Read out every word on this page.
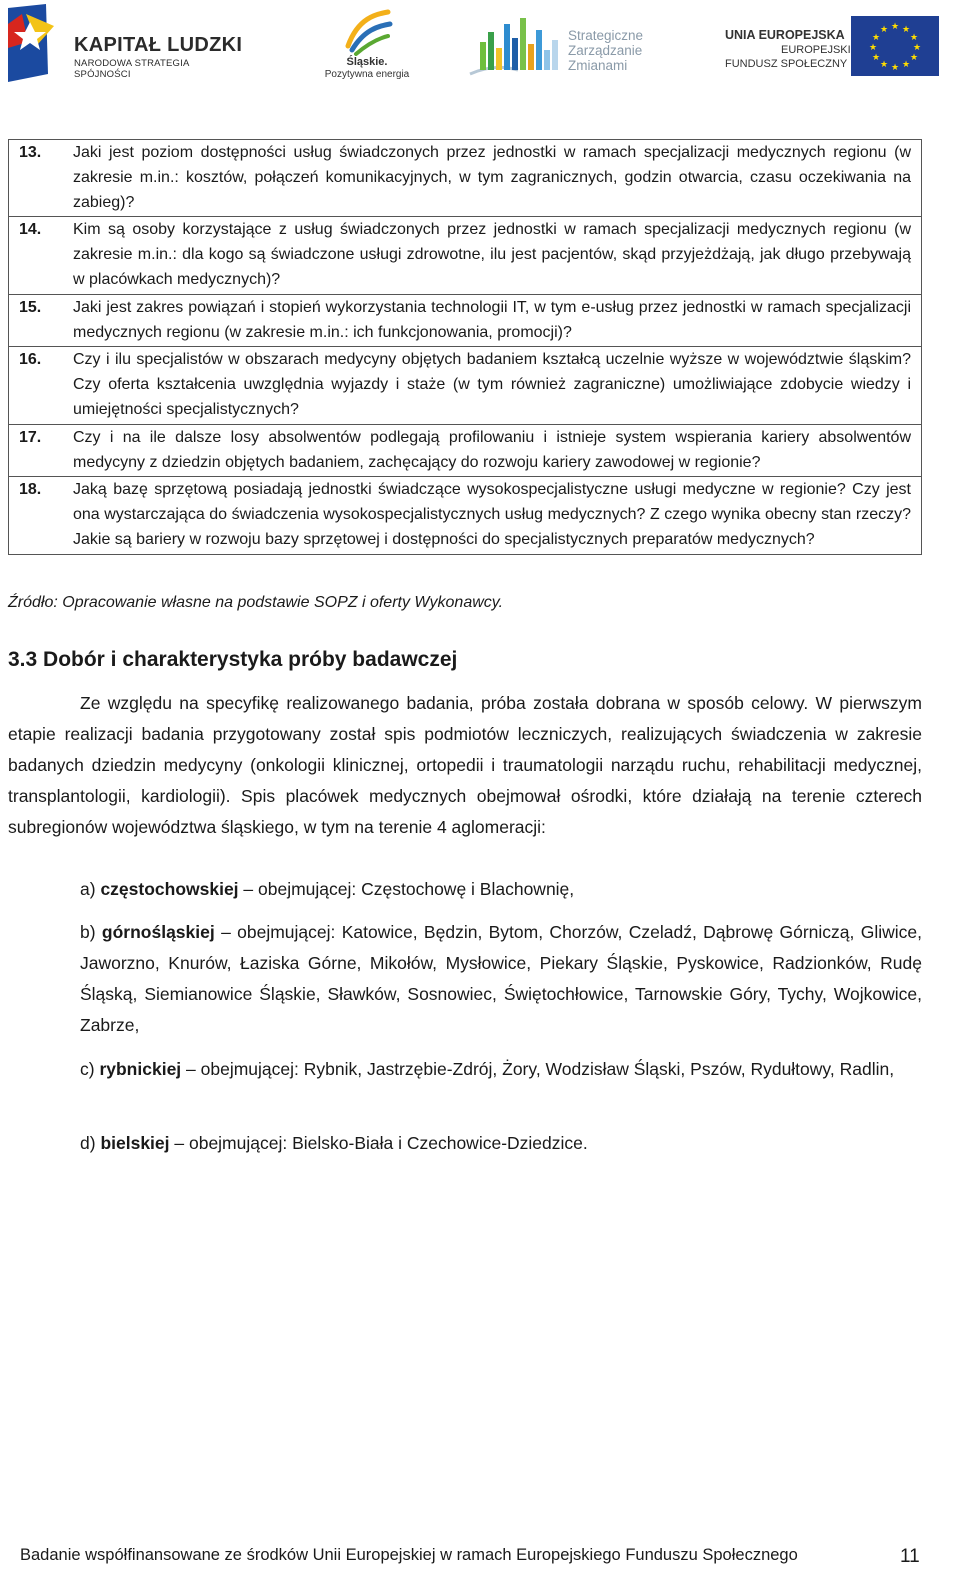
KAPITAŁ LUDZKI
NARODOWA STRATEGIA SPÓJNOŚCI
Śląskie.
Pozytywna energia
Strategiczne
Zarządzanie
Zmianami
UNIA EUROPEJSKA
EUROPEJSKI
FUNDUSZ SPOŁECZNY
★ ★
★
★
★
★
★
★
★
★
★
★
13.	Jaki jest poziom dostępności usług świadczonych przez jednostki w ramach specjalizacji medycznych regionu (w zakresie m.in.: kosztów, połączeń komunikacyjnych, w tym zagranicznych, godzin otwarcia, czasu oczekiwania na zabieg)?
14.	Kim są osoby korzystające z usług świadczonych przez jednostki w ramach specjalizacji medycznych regionu (w zakresie m.in.: dla kogo są świadczone usługi zdrowotne, ilu jest pacjentów, skąd przyjeżdżają, jak długo przebywają w placówkach medycznych)?
15.	Jaki jest zakres powiązań i stopień wykorzystania technologii IT, w tym e-usług przez jednostki w ramach specjalizacji medycznych regionu (w zakresie m.in.: ich funkcjonowania, promocji)?
16.	Czy i ilu specjalistów w obszarach medycyny objętych badaniem kształcą uczelnie wyższe w województwie śląskim? Czy oferta kształcenia uwzględnia wyjazdy i staże (w tym również zagraniczne) umożliwiające zdobycie wiedzy i umiejętności specjalistycznych?
17.	Czy i na ile dalsze losy absolwentów podlegają profilowaniu i istnieje system wspierania kariery absolwentów medycyny z dziedzin objętych badaniem, zachęcający do rozwoju kariery zawodowej w regionie?
18.	Jaką bazę sprzętową posiadają jednostki świadczące wysokospecjalistyczne usługi medyczne w regionie? Czy jest ona wystarczająca do świadczenia wysokospecjalistycznych usług medycznych? Z czego wynika obecny stan rzeczy? Jakie są bariery w rozwoju bazy sprzętowej i dostępności do specjalistycznych preparatów medycznych?
Źródło: Opracowanie własne na podstawie SOPZ i oferty Wykonawcy.
3.3 Dobór i charakterystyka próby badawczej

Ze względu na specyfikę realizowanego badania, próba została dobrana w sposób celowy. W pierwszym etapie realizacji badania przygotowany został spis podmiotów leczniczych, realizujących świadczenia w zakresie badanych dziedzin medycyny (onkologii klinicznej, ortopedii i traumatologii narządu ruchu, rehabilitacji medycznej, transplantologii, kardiologii). Spis placówek medycznych obejmował ośrodki, które działają na terenie czterech subregionów województwa śląskiego, w tym na terenie 4 aglomeracji:

a) częstochowskiej – obejmującej: Częstochowę i Blachownię,

b) górnośląskiej – obejmującej: Katowice, Będzin, Bytom, Chorzów, Czeladź, Dąbrowę Górniczą, Gliwice, Jaworzno, Knurów, Łaziska Górne, Mikołów, Mysłowice, Piekary Śląskie, Pyskowice, Radzionków, Rudę Śląską, Siemianowice Śląskie, Sławków, Sosnowiec, Świętochłowice, Tarnowskie Góry, Tychy, Wojkowice, Zabrze,

c) rybnickiej – obejmującej: Rybnik, Jastrzębie-Zdrój, Żory, Wodzisław Śląski, Pszów, Rydułtowy, Radlin,

d) bielskiej – obejmującej: Bielsko-Biała i Czechowice-Dziedzice.

Badanie współfinansowane ze środków Unii Europejskiej w ramach Europejskiego Funduszu Społecznego	11
